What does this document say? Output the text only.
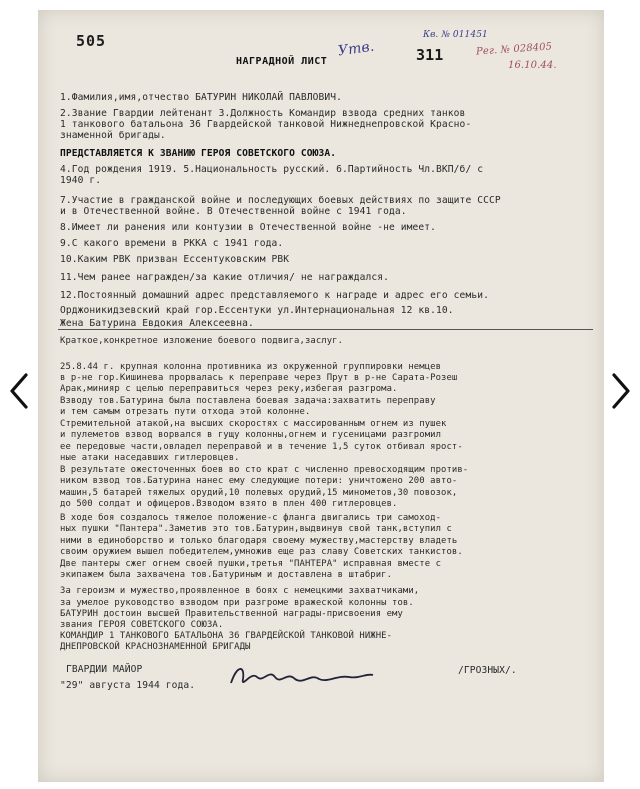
505
НАГРАДНОЙ ЛИСТ
Утв.
Кв. № 011451
311	Рег. № 028405
16.10.44.
1.Фамилия,имя,отчество БАТУРИН НИКОЛАЙ ПАВЛОВИЧ.
2.Звание Гвардии лейтенант 3.Должность Командир взвода средних танков
1 танкового батальона 36 Гвардейской танковой Нижнеднепровской Красно-
знаменной бригады.
ПРЕДСТАВЛЯЕТСЯ К ЗВАНИЮ ГЕРОЯ СОВЕТСКОГО СОЮЗА.
4.Год рождения 1919. 5.Национальность русский. 6.Партийность Чл.ВКП/б/ с
1940 г.
7.Участие в гражданской войне и последующих боевых действиях по защите СССР
и в Отечественной войне. В Отечественной войне с 1941 года.
8.Имеет ли ранения или контузии в Отечественной войне -не имеет.
9.С какого времени в РККА с 1941 года.
10.Каким РВК призван Ессентуковским РВК
11.Чем ранее награжден/за какие отличия/ не награждался.
12.Постоянный домашний адрес представляемого к награде и адрес его семьи.
Орджоникидзевский край гор.Ессентуки ул.Интернациональная 12 кв.10.
Жена Батурина Евдокия Алексеевна.
Краткое,конкретное изложение боевого подвига,заслуг.
25.8.44 г. крупная колонна противника из окруженной группировки немцев
в р-не гор.Кишинева прорвалась к переправе через Прут в р-не Сарата-Розеш
Арак,минияр с целью переправиться через реку,избегая разгрома.
Взводу тов.Батурина была поставлена боевая задача:захватить переправу
и тем самым отрезать пути отхода этой колонне.
Стремительной атакой,на высших скоростях с массированным огнем из пушек
и пулеметов взвод ворвался в гущу колонны,огнем и гусеницами разгромил
ее передовые части,овладел переправой и в течение 1,5 суток отбивал ярост-
ные атаки наседавших гитлеровцев.
В результате ожесточенных боев во сто крат с численно превосходящим против-
ником взвод тов.Батурина нанес ему следующие потери: уничтожено 200 авто-
машин,5 батарей тяжелых орудий,10 полевых орудий,15 минометов,30 повозок,
до 500 солдат и офицеров.Взводом взято в плен 400 гитлеровцев.
В ходе боя создалось тяжелое положение-с фланга двигались три самоход-
ных пушки "Пантера".Заметив это тов.Батурин,выдвинув свой танк,вступил с
ними в единоборство и только благодаря своему мужеству,мастерству владеть
своим оружием вышел победителем,умножив еще раз славу Советских танкистов.
Две пантеры сжег огнем своей пушки,третья "ПАНТЕРА" исправная вместе с
экипажем была захвачена тов.Батуриным и доставлена в штабриг.
За героизм и мужество,проявленное в боях с немецкими захватчиками,
за умелое руководство взводом при разгроме вражеской колонны тов.
БАТУРИН достоин высшей Правительственной награды-присвоения ему
звания ГЕРОЯ СОВЕТСКОГО СОЮЗА.
КОМАНДИР 1 ТАНКОВОГО БАТАЛЬОНА 36 ГВАРДЕЙСКОЙ ТАНКОВОЙ НИЖНЕ-
ДНЕПРОВСКОЙ КРАСНОЗНАМЕННОЙ БРИГАДЫ
ГВАРДИИ МАЙОР	/ГРОЗНЫХ/.
"29" августа 1944 года.
